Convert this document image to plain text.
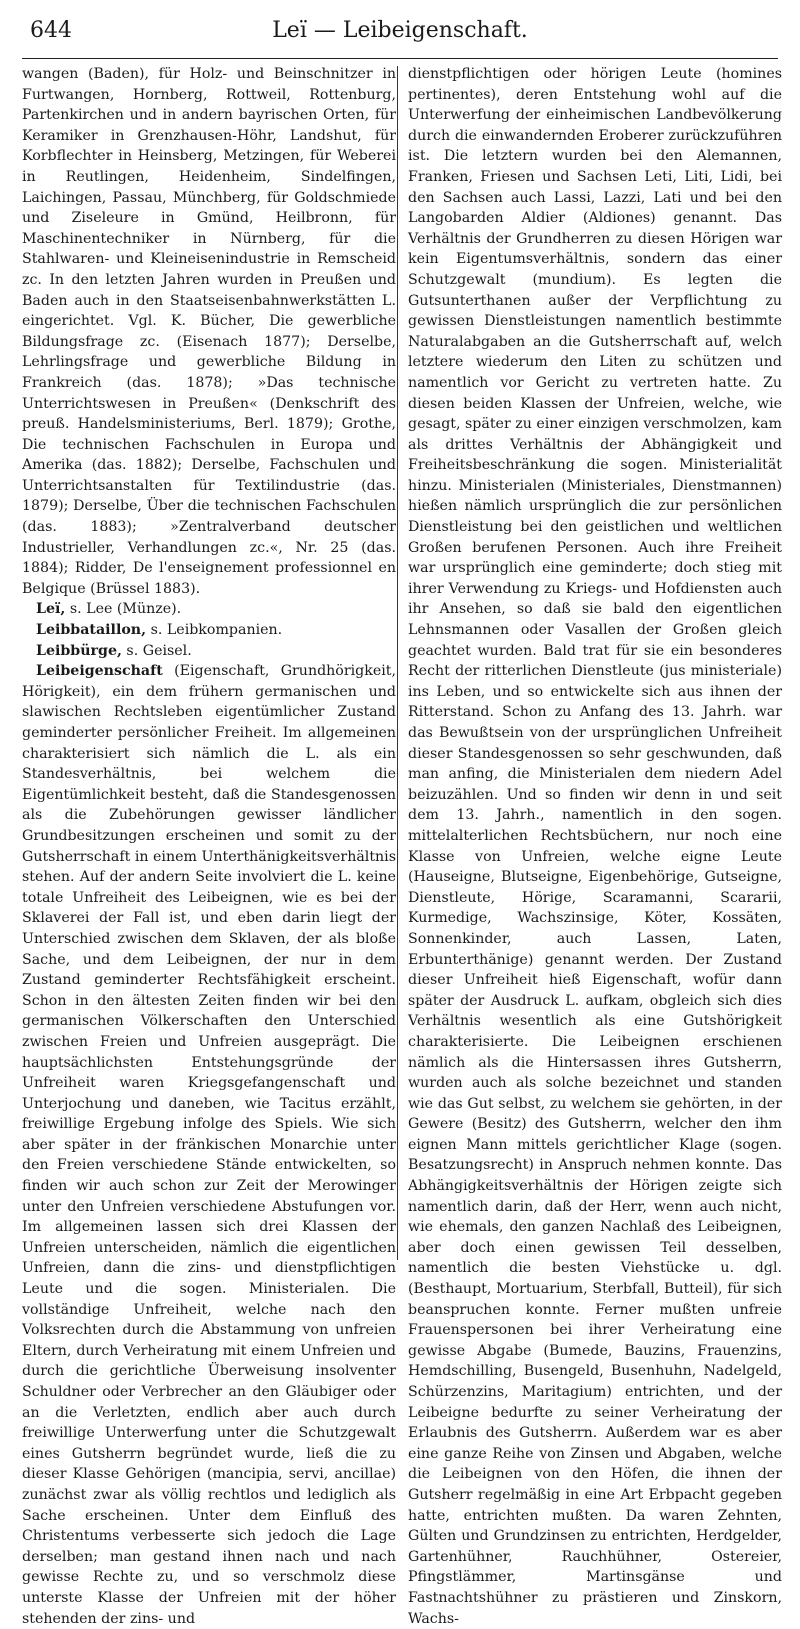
644	Leï — Leibeigenschaft.

wangen (Baden), für Holz- und Beinschnitzer in Furtwangen, Hornberg, Rottweil, Rottenburg, Partenkirchen und in andern bayrischen Orten, für Keramiker in Grenzhausen-Höhr, Landshut, für Korbflechter in Heinsberg, Metzingen, für Weberei in Reutlingen, Heidenheim, Sindelfingen, Laichingen, Passau, Münchberg, für Goldschmiede und Ziseleure in Gmünd, Heilbronn, für Maschinentechniker in Nürnberg, für die Stahlwaren- und Kleineisenindustrie in Remscheid zc. In den letzten Jahren wurden in Preußen und Baden auch in den Staatseisenbahnwerkstätten L. eingerichtet. Vgl. K. Bücher, Die gewerbliche Bildungsfrage zc. (Eisenach 1877); Derselbe, Lehrlingsfrage und gewerbliche Bildung in Frankreich (das. 1878); »Das technische Unterrichtswesen in Preußen« (Denkschrift des preuß. Handelsministeriums, Berl. 1879); Grothe, Die technischen Fachschulen in Europa und Amerika (das. 1882); Derselbe, Fachschulen und Unterrichtsanstalten für Textilindustrie (das. 1879); Derselbe, Über die technischen Fachschulen (das. 1883); »Zentralverband deutscher Industrieller, Verhandlungen zc.«, Nr. 25 (das. 1884); Ridder, De l'enseignement professionnel en Belgique (Brüssel 1883).

Leï, s. Lee (Münze).

Leibbataillon, s. Leibkompanien.

Leibbürge, s. Geisel.

Leibeigenschaft (Eigenschaft, Grundhörigkeit, Hörigkeit), ein dem frühern germanischen und slawischen Rechtsleben eigentümlicher Zustand geminderter persönlicher Freiheit. Im allgemeinen charakterisiert sich nämlich die L. als ein Standesverhältnis, bei welchem die Eigentümlichkeit besteht, daß die Standesgenossen als die Zubehörungen gewisser ländlicher Grundbesitzungen erscheinen und somit zu der Gutsherrschaft in einem Unterthänigkeitsverhältnis stehen. Auf der andern Seite involviert die L. keine totale Unfreiheit des Leibeignen, wie es bei der Sklaverei der Fall ist, und eben darin liegt der Unterschied zwischen dem Sklaven, der als bloße Sache, und dem Leibeignen, der nur in dem Zustand geminderter Rechtsfähigkeit erscheint. Schon in den ältesten Zeiten finden wir bei den germanischen Völkerschaften den Unterschied zwischen Freien und Unfreien ausgeprägt. Die hauptsächlichsten Entstehungsgründe der Unfreiheit waren Kriegsgefangenschaft und Unterjochung und daneben, wie Tacitus erzählt, freiwillige Ergebung infolge des Spiels. Wie sich aber später in der fränkischen Monarchie unter den Freien verschiedene Stände entwickelten, so finden wir auch schon zur Zeit der Merowinger unter den Unfreien verschiedene Abstufungen vor. Im allgemeinen lassen sich drei Klassen der Unfreien unterscheiden, nämlich die eigentlichen Unfreien, dann die zins- und dienstpflichtigen Leute und die sogen. Ministerialen. Die vollständige Unfreiheit, welche nach den Volksrechten durch die Abstammung von unfreien Eltern, durch Verheiratung mit einem Unfreien und durch die gerichtliche Überweisung insolventer Schuldner oder Verbrecher an den Gläubiger oder an die Verletzten, endlich aber auch durch freiwillige Unterwerfung unter die Schutzgewalt eines Gutsherrn begründet wurde, ließ die zu dieser Klasse Gehörigen (mancipia, servi, ancillae) zunächst zwar als völlig rechtlos und lediglich als Sache erscheinen. Unter dem Einfluß des Christentums verbesserte sich jedoch die Lage derselben; man gestand ihnen nach und nach gewisse Rechte zu, und so verschmolz diese unterste Klasse der Unfreien mit der höher stehenden der zins- und

dienstpflichtigen oder hörigen Leute (homines pertinentes), deren Entstehung wohl auf die Unterwerfung der einheimischen Landbevölkerung durch die einwandernden Eroberer zurückzuführen ist. Die letztern wurden bei den Alemannen, Franken, Friesen und Sachsen Leti, Liti, Lidi, bei den Sachsen auch Lassi, Lazzi, Lati und bei den Langobarden Aldier (Aldiones) genannt. Das Verhältnis der Grundherren zu diesen Hörigen war kein Eigentumsverhältnis, sondern das einer Schutzgewalt (mundium). Es legten die Gutsunterthanen außer der Verpflichtung zu gewissen Dienstleistungen namentlich bestimmte Naturalabgaben an die Gutsherrschaft auf, welch letztere wiederum den Liten zu schützen und namentlich vor Gericht zu vertreten hatte. Zu diesen beiden Klassen der Unfreien, welche, wie gesagt, später zu einer einzigen verschmolzen, kam als drittes Verhältnis der Abhängigkeit und Freiheitsbeschränkung die sogen. Ministerialität hinzu. Ministerialen (Ministeriales, Dienstmannen) hießen nämlich ursprünglich die zur persönlichen Dienstleistung bei den geistlichen und weltlichen Großen berufenen Personen. Auch ihre Freiheit war ursprünglich eine geminderte; doch stieg mit ihrer Verwendung zu Kriegs- und Hofdiensten auch ihr Ansehen, so daß sie bald den eigentlichen Lehnsmannen oder Vasallen der Großen gleich geachtet wurden. Bald trat für sie ein besonderes Recht der ritterlichen Dienstleute (jus ministeriale) ins Leben, und so entwickelte sich aus ihnen der Ritterstand. Schon zu Anfang des 13. Jahrh. war das Bewußtsein von der ursprünglichen Unfreiheit dieser Standesgenossen so sehr geschwunden, daß man anfing, die Ministerialen dem niedern Adel beizuzählen. Und so finden wir denn in und seit dem 13. Jahrh., namentlich in den sogen. mittelalterlichen Rechtsbüchern, nur noch eine Klasse von Unfreien, welche eigne Leute (Hauseigne, Blutseigne, Eigenbehörige, Gutseigne, Dienstleute, Hörige, Scaramanni, Scararii, Kurmedige, Wachszinsige, Köter, Kossäten, Sonnenkinder, auch Lassen, Laten, Erbunterthänige) genannt werden. Der Zustand dieser Unfreiheit hieß Eigenschaft, wofür dann später der Ausdruck L. aufkam, obgleich sich dies Verhältnis wesentlich als eine Gutshörigkeit charakterisierte. Die Leibeignen erschienen nämlich als die Hintersassen ihres Gutsherrn, wurden auch als solche bezeichnet und standen wie das Gut selbst, zu welchem sie gehörten, in der Gewere (Besitz) des Gutsherrn, welcher den ihm eignen Mann mittels gerichtlicher Klage (sogen. Besatzungsrecht) in Anspruch nehmen konnte. Das Abhängigkeitsverhältnis der Hörigen zeigte sich namentlich darin, daß der Herr, wenn auch nicht, wie ehemals, den ganzen Nachlaß des Leibeignen, aber doch einen gewissen Teil desselben, namentlich die besten Viehstücke u. dgl. (Besthaupt, Mortuarium, Sterbfall, Butteil), für sich beanspruchen konnte. Ferner mußten unfreie Frauenspersonen bei ihrer Verheiratung eine gewisse Abgabe (Bumede, Bauzins, Frauenzins, Hemdschilling, Busengeld, Busenhuhn, Nadelgeld, Schürzenzins, Maritagium) entrichten, und der Leibeigne bedurfte zu seiner Verheiratung der Erlaubnis des Gutsherrn. Außerdem war es aber eine ganze Reihe von Zinsen und Abgaben, welche die Leibeignen von den Höfen, die ihnen der Gutsherr regelmäßig in eine Art Erbpacht gegeben hatte, entrichten mußten. Da waren Zehnten, Gülten und Grundzinsen zu entrichten, Herdgelder, Gartenhühner, Rauchhühner, Ostereier, Pfingstlämmer, Martinsgänse und Fastnachtshühner zu prästieren und Zinskorn, Wachs-
